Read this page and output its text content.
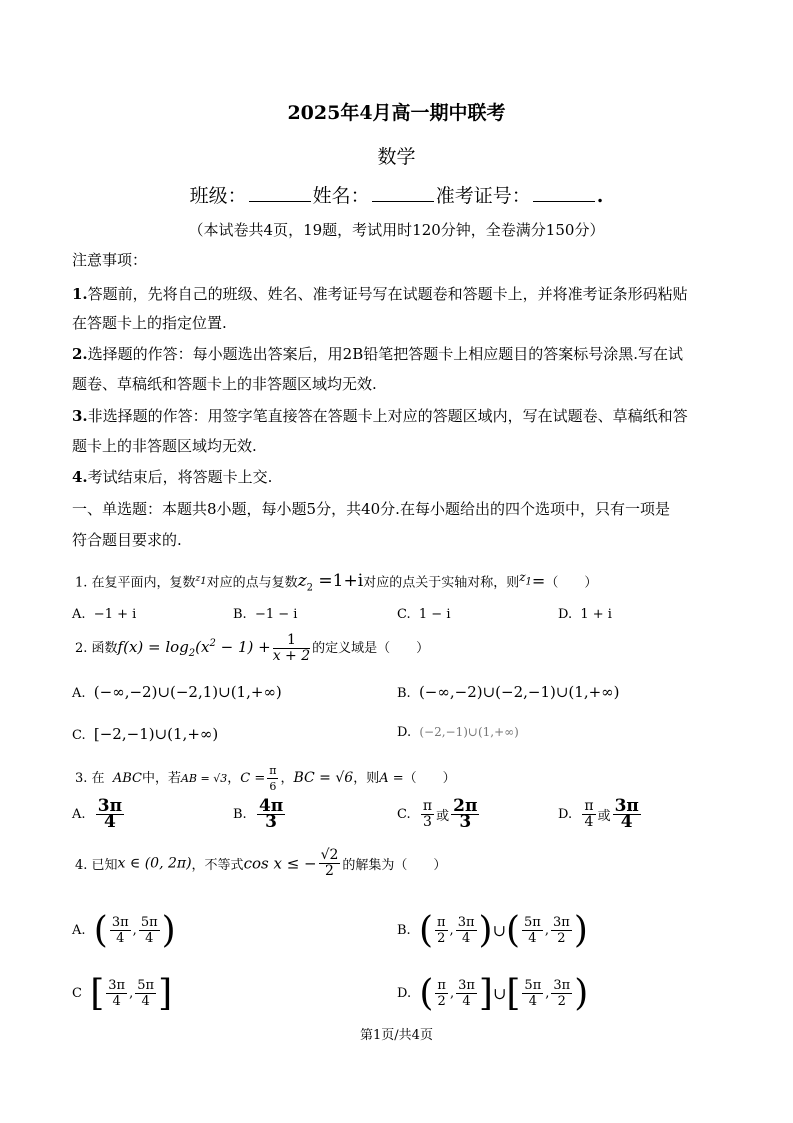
2025年4月高一期中联考
数学
班级：	姓名：	准考证号：	.
（本试卷共4页，19题，考试用时120分钟，全卷满分150分）
注意事项：
1.答题前，先将自己的班级、姓名、准考证号写在试题卷和答题卡上，并将准考证条形码粘贴
在答题卡上的指定位置.
2.选择题的作答：每小题选出答案后，用2B铅笔把答题卡上相应题目的答案标号涂黑.写在试
题卷、草稿纸和答题卡上的非答题区域均无效.
3.非选择题的作答：用签字笔直接答在答题卡上对应的答题区域内，写在试题卷、草稿纸和答
题卡上的非答题区域均无效.
4.考试结束后，将答题卡上交.
一、单选题：本题共8小题，每小题5分，共40分.在每小题给出的四个选项中，只有一项是
符合题目要求的.
1. 在复平面内，复数$^{z_1}$对应的点与复数$z_2 =1+i$对应的点关于实轴对称，则$z_1=$（　　）
A. −1 + i	B. −1 − i	C. 1 − i	D. 1 + i
2. 函数$f(x) = \log_2(x^2 - 1) + \frac{1}{x + 2}$ 的定义域是（　　）
A. (−∞,−2)∪(−2,1)∪(1,+∞)	B. (−∞,−2)∪(−2,−1)∪(1,+∞)
C. [−2,−1)∪(1,+∞)	D. (−2,−1)∪(1,+∞)
3. 在 ABC中，若AB = √3，$C = \frac{\pi}{6}$ ，BC = √6，则A =（　　）
A. $\frac{3\pi}{4}$	B. $\frac{4\pi}{3}$	C. $\frac{\pi}{3}$ 或 $\frac{2\pi}{3}$	D. $\frac{\pi}{4}$ 或 $\frac{3\pi}{4}$
4. 已知x ∈ (0, 2π)，不等式cos x ≤ − $\frac{√2}{2}$ 的解集为（　　）
A. ( $\frac{3\pi}{4}$ , $\frac{5\pi}{4}$ )	B. ( $\frac{\pi}{2}$ , $\frac{3\pi}{4}$ )∪( $\frac{5\pi}{4}$ , $\frac{3\pi}{2}$ )
C [ $\frac{3\pi}{4}$ , $\frac{5\pi}{4}$ ]	D. ( $\frac{\pi}{2}$ , $\frac{3\pi}{4}$ ]∪[ $\frac{5\pi}{4}$ , $\frac{3\pi}{2}$ )
第1页/共4页
